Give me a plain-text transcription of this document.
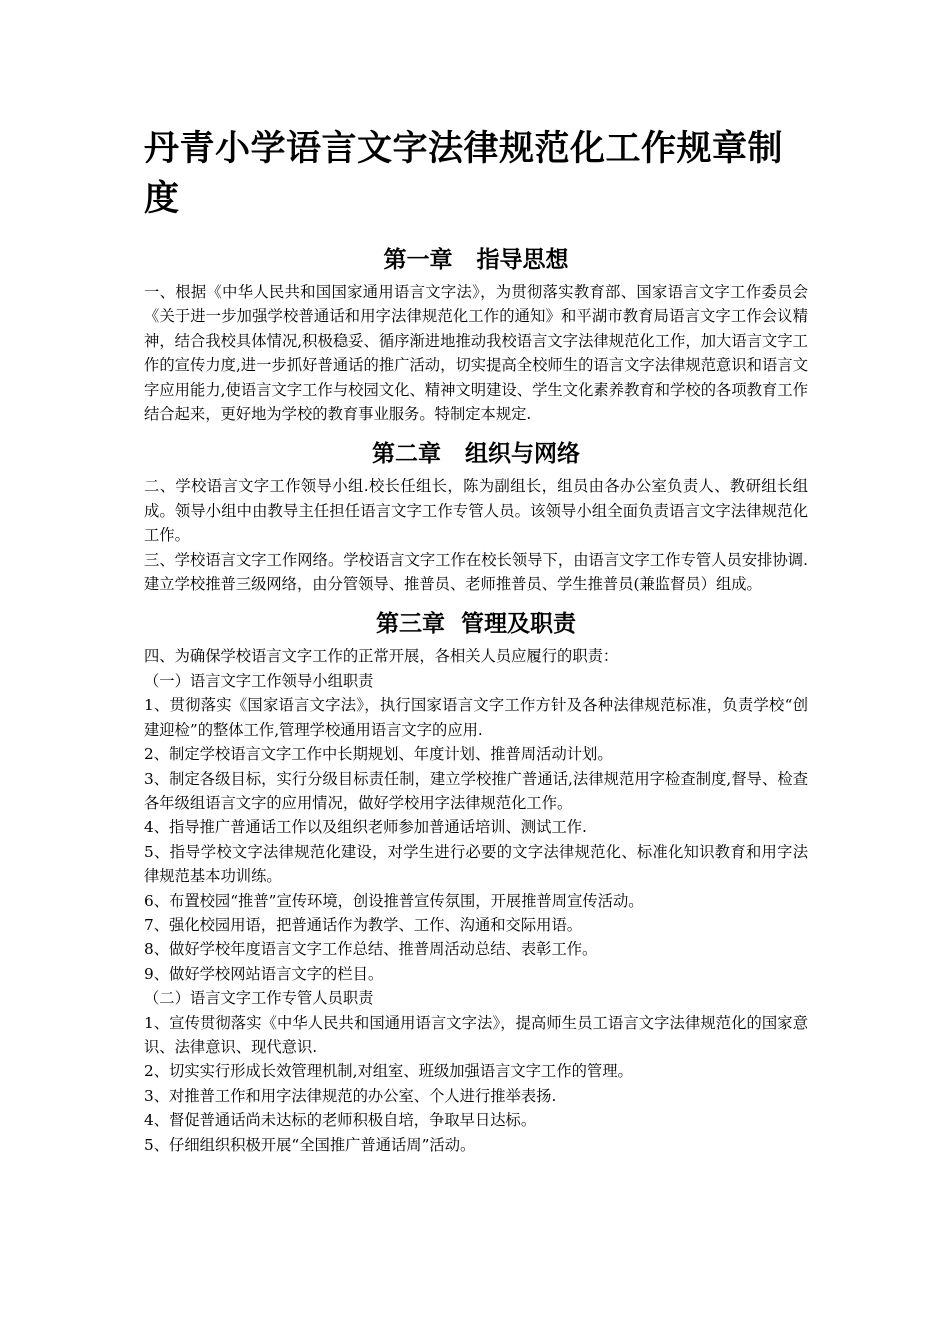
丹青小学语言文字法律规范化工作规章制度
第一章   指导思想

一、根据《中华人民共和国国家通用语言文字法》，为贯彻落实教育部、国家语言文字工作委员会《关于进一步加强学校普通话和用字法律规范化工作的通知》和平湖市教育局语言文字工作会议精神，结合我校具体情况,积极稳妥、循序渐进地推动我校语言文字法律规范化工作，加大语言文字工作的宣传力度,进一步抓好普通话的推广活动，切实提高全校师生的语言文字法律规范意识和语言文字应用能力,使语言文字工作与校园文化、精神文明建设、学生文化素养教育和学校的各项教育工作结合起来，更好地为学校的教育事业服务。特制定本规定.

第二章   组织与网络

二、学校语言文字工作领导小组.校长任组长，陈为副组长，组员由各办公室负责人、教研组长组成。领导小组中由教导主任担任语言文字工作专管人员。该领导小组全面负责语言文字法律规范化工作。

三、学校语言文字工作网络。学校语言文字工作在校长领导下，由语言文字工作专管人员安排协调.建立学校推普三级网络，由分管领导、推普员、老师推普员、学生推普员(兼监督员）组成。

第三章  管理及职责

四、为确保学校语言文字工作的正常开展，各相关人员应履行的职责：

（一）语言文字工作领导小组职责

1、贯彻落实《国家语言文字法》，执行国家语言文字工作方针及各种法律规范标准，负责学校“创建迎检”的整体工作,管理学校通用语言文字的应用.

2、制定学校语言文字工作中长期规划、年度计划、推普周活动计划。

3、制定各级目标，实行分级目标责任制，建立学校推广普通话,法律规范用字检查制度,督导、检查各年级组语言文字的应用情况，做好学校用字法律规范化工作。

4、指导推广普通话工作以及组织老师参加普通话培训、测试工作.

5、指导学校文字法律规范化建设，对学生进行必要的文字法律规范化、标准化知识教育和用字法律规范基本功训练。

6、布置校园“推普”宣传环境，创设推普宣传氛围，开展推普周宣传活动。

7、强化校园用语，把普通话作为教学、工作、沟通和交际用语。

8、做好学校年度语言文字工作总结、推普周活动总结、表彰工作。

9、做好学校网站语言文字的栏目。

（二）语言文字工作专管人员职责

1、宣传贯彻落实《中华人民共和国通用语言文字法》，提高师生员工语言文字法律规范化的国家意识、法律意识、现代意识.

2、切实实行形成长效管理机制,对组室、班级加强语言文字工作的管理。

3、对推普工作和用字法律规范的办公室、个人进行推举表扬.

4、督促普通话尚未达标的老师积极自培，争取早日达标。

5、仔细组织积极开展“全国推广普通话周”活动。
